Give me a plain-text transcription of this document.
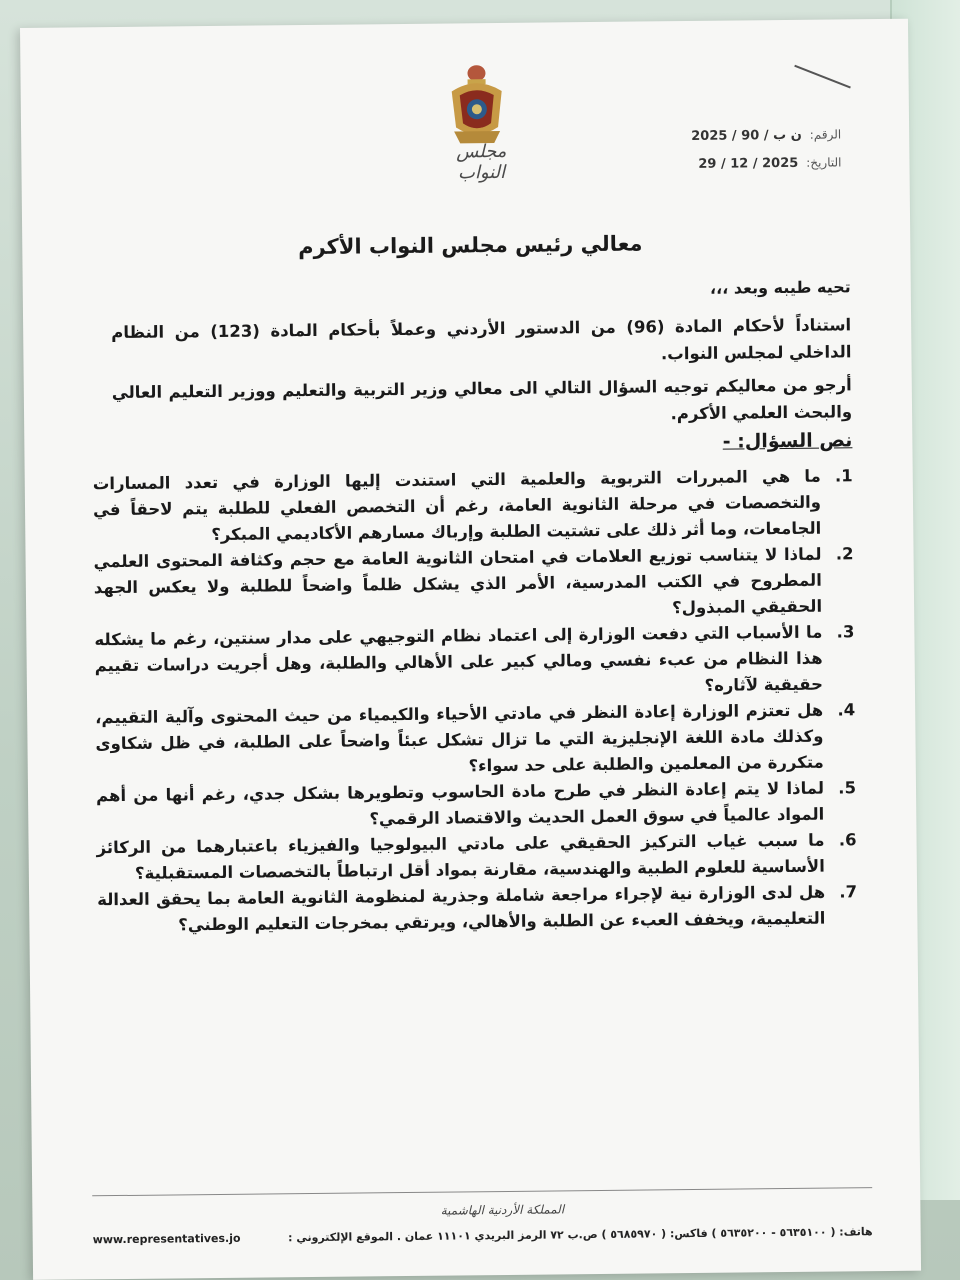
مجلس النواب
الرقم:
ن ب / 90 / 2025
التاريخ:
29 / 12 / 2025
معالي رئيس مجلس النواب الأكرم
تحيه طيبه وبعد ،،،
استناداً لأحكام المادة (96) من الدستور الأردني وعملاً بأحكام المادة (123) من النظام الداخلي لمجلس النواب.
أرجو من معاليكم توجيه السؤال التالي الى معالي وزير التربية والتعليم ووزير التعليم العالي والبحث العلمي الأكرم.
نص السؤال: -
1.
ما هي المبررات التربوية والعلمية التي استندت إليها الوزارة في تعدد المسارات والتخصصات في مرحلة الثانوية العامة، رغم أن التخصص الفعلي للطلبة يتم لاحقاً في الجامعات، وما أثر ذلك على تشتيت الطلبة وإرباك مسارهم الأكاديمي المبكر؟
2.
لماذا لا يتناسب توزيع العلامات في امتحان الثانوية العامة مع حجم وكثافة المحتوى العلمي المطروح في الكتب المدرسية، الأمر الذي يشكل ظلماً واضحاً للطلبة ولا يعكس الجهد الحقيقي المبذول؟
3.
ما الأسباب التي دفعت الوزارة إلى اعتماد نظام التوجيهي على مدار سنتين، رغم ما يشكله هذا النظام من عبء نفسي ومالي كبير على الأهالي والطلبة، وهل أجريت دراسات تقييم حقيقية لآثاره؟
4.
هل تعتزم الوزارة إعادة النظر في مادتي الأحياء والكيمياء من حيث المحتوى وآلية التقييم، وكذلك مادة اللغة الإنجليزية التي ما تزال تشكل عبئاً واضحاً على الطلبة، في ظل شكاوى متكررة من المعلمين والطلبة على حد سواء؟
5.
لماذا لا يتم إعادة النظر في طرح مادة الحاسوب وتطويرها بشكل جدي، رغم أنها من أهم المواد عالمياً في سوق العمل الحديث والاقتصاد الرقمي؟
6.
ما سبب غياب التركيز الحقيقي على مادتي البيولوجيا والفيزياء باعتبارهما من الركائز الأساسية للعلوم الطبية والهندسية، مقارنة بمواد أقل ارتباطاً بالتخصصات المستقبلية؟
7.
هل لدى الوزارة نية لإجراء مراجعة شاملة وجذرية لمنظومة الثانوية العامة بما يحقق العدالة التعليمية، ويخفف العبء عن الطلبة والأهالي، ويرتقي بمخرجات التعليم الوطني؟
المملكة الأردنية الهاشمية
www.representatives.jo	هاتف: ( ٥٦٣٥١٠٠ - ٥٦٣٥٢٠٠ ) فاكس: ( ٥٦٨٥٩٧٠ ) ص.ب ٧٢ الرمز البريدي ١١١٠١ عمان . الموقع الإلكتروني :
